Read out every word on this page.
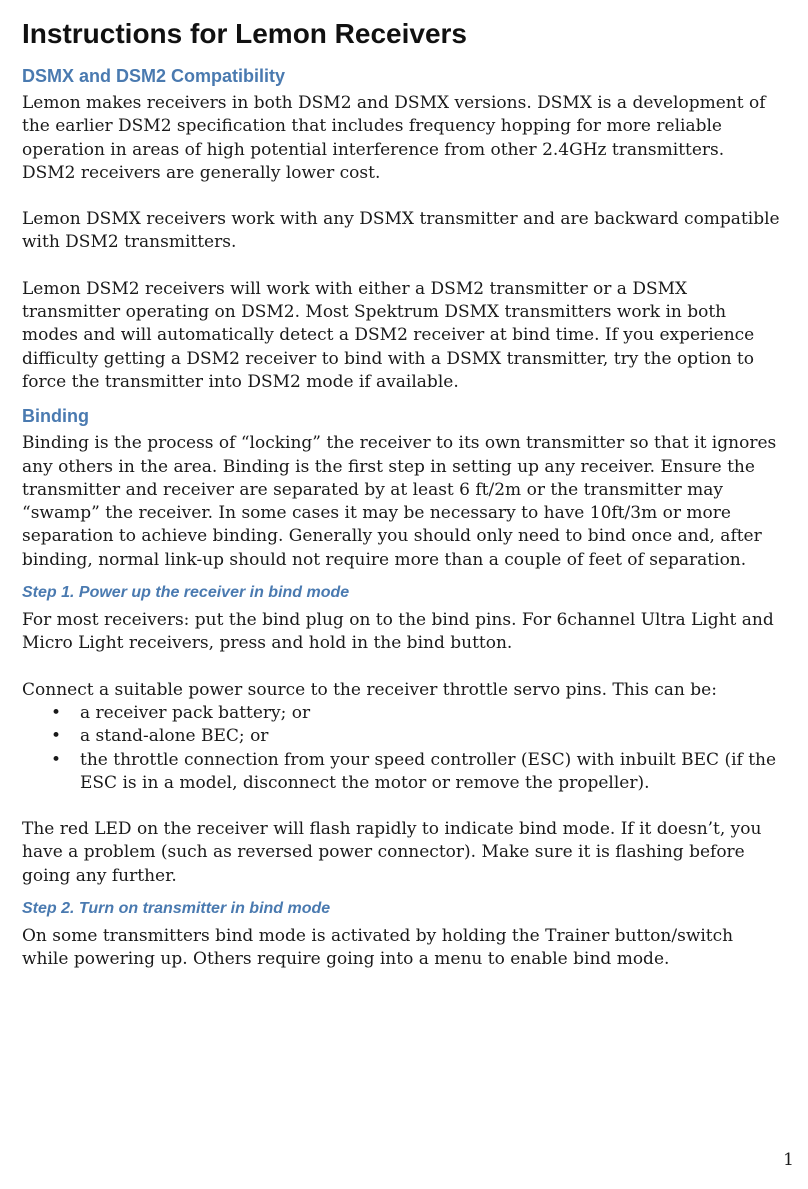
Instructions for Lemon Receivers
DSMX and DSM2 Compatibility

Lemon makes receivers in both DSM2 and DSMX versions. DSMX is a development of the earlier DSM2 specification that includes frequency hopping for more reliable operation in areas of high potential interference from other 2.4GHz transmitters. DSM2 receivers are generally lower cost.

Lemon DSMX receivers work with any DSMX transmitter and are backward compatible with DSM2 transmitters.

Lemon DSM2 receivers will work with either a DSM2 transmitter or a DSMX transmitter operating on DSM2. Most Spektrum DSMX transmitters work in both modes and will automatically detect a DSM2 receiver at bind time. If you experience difficulty getting a DSM2 receiver to bind with a DSMX transmitter, try the option to force the transmitter into DSM2 mode if available.

Binding

Binding is the process of “locking” the receiver to its own transmitter so that it ignores any others in the area. Binding is the first step in setting up any receiver. Ensure the transmitter and receiver are separated by at least 6 ft/2m or the transmitter may “swamp” the receiver. In some cases it may be necessary to have 10ft/3m or more separation to achieve binding. Generally you should only need to bind once and, after binding, normal link-up should not require more than a couple of feet of separation.

Step 1. Power up the receiver in bind mode

For most receivers: put the bind plug on to the bind pins. For 6channel Ultra Light and Micro Light receivers, press and hold in the bind button.

Connect a suitable power source to the receiver throttle servo pins. This can be:

• a receiver pack battery; or
• a stand-alone BEC; or
• the throttle connection from your speed controller (ESC) with inbuilt BEC (if the ESC is in a model, disconnect the motor or remove the propeller).

The red LED on the receiver will flash rapidly to indicate bind mode. If it doesn’t, you have a problem (such as reversed power connector). Make sure it is flashing before going any further.

Step 2. Turn on transmitter in bind mode

On some transmitters bind mode is activated by holding the Trainer button/switch while powering up. Others require going into a menu to enable bind mode.

1
